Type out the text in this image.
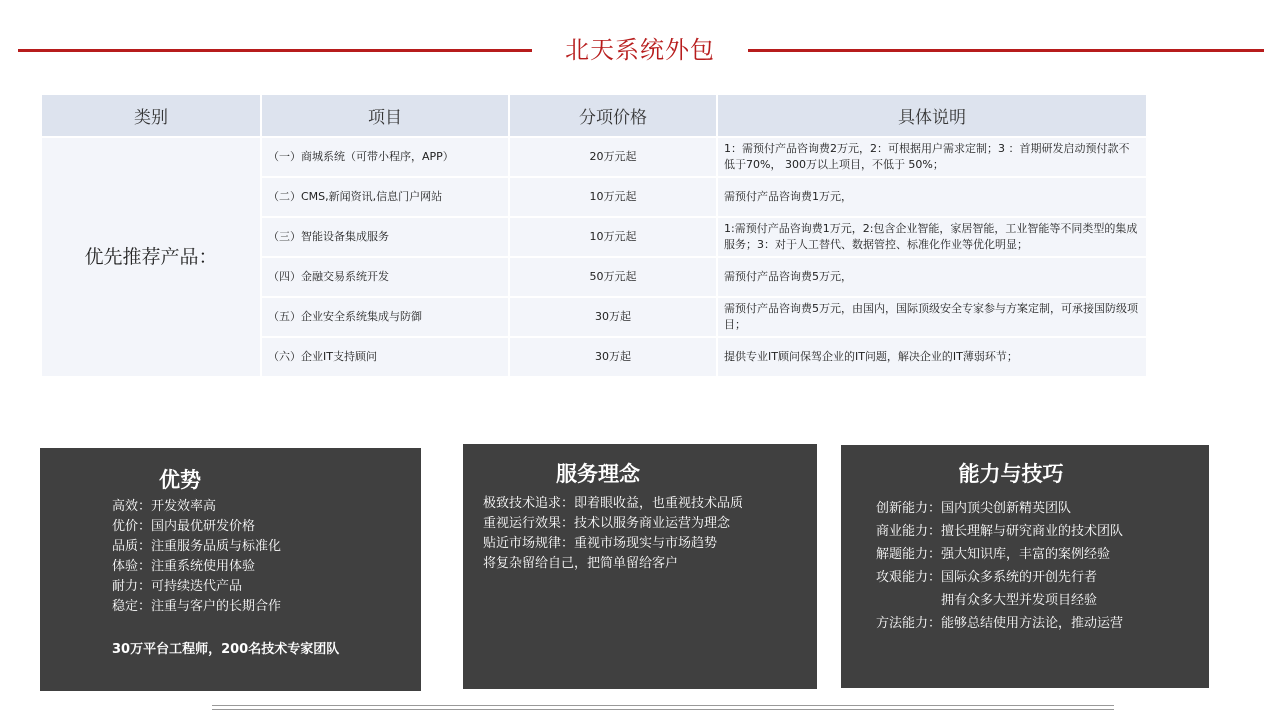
北天系统外包
类别	项目	分项价格	具体说明
优先推荐产品：	（一）商城系统（可带小程序，APP）	20万元起	1：需预付产品咨询费2万元，2：可根据用户需求定制；3 ：首期研发启动预付款不低于70%， 300万以上项目，不低于 50%；
	（二）CMS,新闻资讯,信息门户网站	10万元起	需预付产品咨询费1万元，
	（三）智能设备集成服务	10万元起	1:需预付产品咨询费1万元，2:包含企业智能，家居智能，工业智能等不同类型的集成服务；3：对于人工替代、数据管控、标准化作业等优化明显；
	（四）金融交易系统开发	50万元起	需预付产品咨询费5万元，
	（五）企业安全系统集成与防御	30万起	需预付产品咨询费5万元，由国内，国际顶级安全专家参与方案定制，可承接国防级项目；
	（六）企业IT支持顾问	30万起	提供专业IT顾问保驾企业的IT问题，解决企业的IT薄弱环节；
优势
高效：开发效率高
优价：国内最优研发价格
品质：注重服务品质与标准化
体验：注重系统使用体验
耐力：可持续迭代产品
稳定：注重与客户的长期合作
30万平台工程师，200名技术专家团队
服务理念
极致技术追求：即着眼收益，也重视技术品质
重视运行效果：技术以服务商业运营为理念
贴近市场规律：重视市场现实与市场趋势
将复杂留给自己，把简单留给客户
能力与技巧
创新能力：国内顶尖创新精英团队
商业能力：擅长理解与研究商业的技术团队
解题能力：强大知识库，丰富的案例经验
攻艰能力：国际众多系统的开创先行者
　　　　　拥有众多大型并发项目经验
方法能力：能够总结使用方法论，推动运营
